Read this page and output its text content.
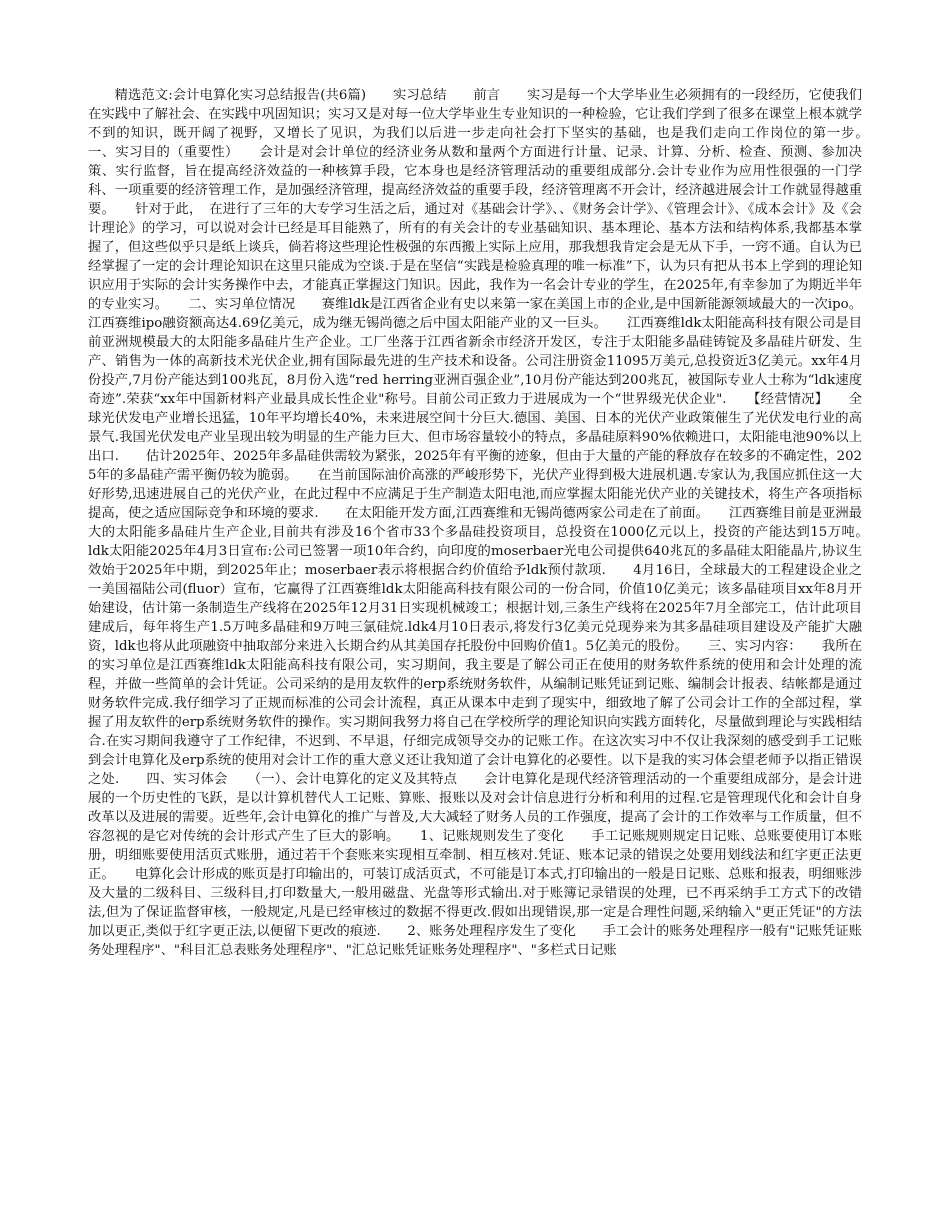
精选范文:会计电算化实习总结报告(共6篇)　　实习总结　　前言　　实习是每一个大学毕业生必须拥有的一段经历，它使我们在实践中了解社会、在实践中巩固知识；实习又是对每一位大学毕业生专业知识的一种检验，它让我们学到了很多在课堂上根本就学不到的知识，既开阔了视野，又增长了见识，为我们以后进一步走向社会打下坚实的基础，也是我们走向工作岗位的第一步。　　一、实习目的（重要性）　　会计是对会计单位的经济业务从数和量两个方面进行计量、记录、计算、分析、检查、预测、参加决策、实行监督，旨在提高经济效益的一种核算手段，它本身也是经济管理活动的重要组成部分.会计专业作为应用性很强的一门学科、一项重要的经济管理工作，是加强经济管理，提高经济效益的重要手段，经济管理离不开会计，经济越进展会计工作就显得越重要。　　针对于此，　在进行了三年的大专学习生活之后，通过对《基础会计学》、、《财务会计学》、《管理会计》、《成本会计》及《会计理论》的学习，可以说对会计已经是耳目能熟了，所有的有关会计的专业基础知识、基本理论、基本方法和结构体系,我都基本掌握了，但这些似乎只是纸上谈兵，倘若将这些理论性极强的东西搬上实际上应用，那我想我肯定会是无从下手，一窍不通。自认为已经掌握了一定的会计理论知识在这里只能成为空谈.于是在坚信“实践是检验真理的唯一标准”下，认为只有把从书本上学到的理论知识应用于实际的会计实务操作中去，才能真正掌握这门知识。因此，我作为一名会计专业的学生，在2025年,有幸参加了为期近半年的专业实习。　　二、实习单位情况　　赛维ldk是江西省企业有史以来第一家在美国上市的企业,是中国新能源领域最大的一次ipo。江西赛维ipo融资额高达4.69亿美元，成为继无锡尚德之后中国太阳能产业的又一巨头。　　江西赛维ldk太阳能高科技有限公司是目前亚洲规模最大的太阳能多晶硅片生产企业。工厂坐落于江西省新余市经济开发区，专注于太阳能多晶硅铸锭及多晶硅片研发、生产、销售为一体的高新技术光伏企业,拥有国际最先进的生产技术和设备。公司注册资金11095万美元,总投资近3亿美元。xx年4月份投产,7月份产能达到100兆瓦，8月份入选“red herring亚洲百强企业”,10月份产能达到200兆瓦，被国际专业人士称为“ldk速度奇迹”.荣获“xx年中国新材料产业最具成长性企业"称号。目前公司正致力于进展成为一个“世界级光伏企业".　　【经营情况】　　全球光伏发电产业增长迅猛，10年平均增长40%，未来进展空间十分巨大.德国、美国、日本的光伏产业政策催生了光伏发电行业的高景气.我国光伏发电产业呈现出较为明显的生产能力巨大、但市场容量较小的特点，多晶硅原料90%依赖进口，太阳能电池90%以上出口.　　估计2025年、2025年多晶硅供需较为紧张，2025年有平衡的迹象，但由于大量的产能的释放存在较多的不确定性，2025年的多晶硅产需平衡仍较为脆弱。　　在当前国际油价高涨的严峻形势下，光伏产业得到极大进展机遇.专家认为,我国应抓住这一大好形势,迅速进展自己的光伏产业，在此过程中不应满足于生产制造太阳电池,而应掌握太阳能光伏产业的关键技术，将生产各项指标提高，使之适应国际竞争和环境的要求.　　在太阳能开发方面,江西赛维和无锡尚德两家公司走在了前面。　　江西赛维目前是亚洲最大的太阳能多晶硅片生产企业,目前共有涉及16个省市33个多晶硅投资项目，总投资在1000亿元以上，投资的产能达到15万吨。　　ldk太阳能2025年4月3日宣布:公司已签署一项10年合约，向印度的moserbaer光电公司提供640兆瓦的多晶硅太阳能晶片,协议生效始于2025年中期，到2025年止；moserbaer表示将根据合约价值给予ldk预付款项.　　4月16日，全球最大的工程建设企业之一美国福陆公司(fluor）宣布，它赢得了江西赛维ldk太阳能高科技有限公司的一份合同，价值10亿美元；该多晶硅项目xx年8月开始建设，估计第一条制造生产线将在2025年12月31日实现机械竣工；根据计划,三条生产线将在2025年7月全部完工，估计此项目建成后，每年将生产1.5万吨多晶硅和9万吨三氯硅烷.ldk4月10日表示,将发行3亿美元兑现券来为其多晶硅项目建设及产能扩大融资，ldk也将从此项融资中抽取部分来进入长期合约从其美国存托股份中回购价值1。5亿美元的股份。　　三、实习内容：　　我所在的实习单位是江西赛维ldk太阳能高科技有限公司，实习期间，我主要是了解公司正在使用的财务软件系统的使用和会计处理的流程，并做一些简单的会计凭证。公司采纳的是用友软件的erp系统财务软件，从编制记账凭证到记账、编制会计报表、结帐都是通过财务软件完成.我仔细学习了正规而标准的公司会计流程，真正从课本中走到了现实中，细致地了解了公司会计工作的全部过程，掌握了用友软件的erp系统财务软件的操作。实习期间我努力将自己在学校所学的理论知识向实践方面转化，尽量做到理论与实践相结合.在实习期间我遵守了工作纪律，不迟到、不早退，仔细完成领导交办的记账工作。在这次实习中不仅让我深刻的感受到手工记账到会计电算化及erp系统的使用对会计工作的重大意义还让我知道了会计电算化的必要性。以下是我的实习体会望老师予以指正错误之处.　　四、实习体会　　（一）、会计电算化的定义及其特点　　会计电算化是现代经济管理活动的一个重要组成部分，是会计进展的一个历史性的飞跃，是以计算机替代人工记账、算账、报账以及对会计信息进行分析和利用的过程.它是管理现代化和会计自身改革以及进展的需要。近些年,会计电算化的推广与普及,大大减轻了财务人员的工作强度，提高了会计的工作效率与工作质量，但不容忽视的是它对传统的会计形式产生了巨大的影响。　　1、记账规则发生了变化　　手工记账规则规定日记账、总账要使用订本账册，明细账要使用活页式账册，通过若干个套账来实现相互牵制、相互核对.凭证、账本记录的错误之处要用划线法和红字更正法更正。　　电算化会计形成的账页是打印输出的，可装订成活页式，不可能是订本式,打印输出的一般是日记账、总账和报表，明细账涉及大量的二级科目、三级科目,打印数量大,一般用磁盘、光盘等形式输出.对于账簿记录错误的处理，已不再采纳手工方式下的改错法,但为了保证监督审核，一般规定,凡是已经审核过的数据不得更改.假如出现错误,那一定是合理性问题,采纳输入"更正凭证"的方法加以更正,类似于红字更正法,以便留下更改的痕迹.　　2、账务处理程序发生了变化　　手工会计的账务处理程序一般有"记账凭证账务处理程序"、"科目汇总表账务处理程序"、"汇总记账凭证账务处理程序"、"多栏式日记账
